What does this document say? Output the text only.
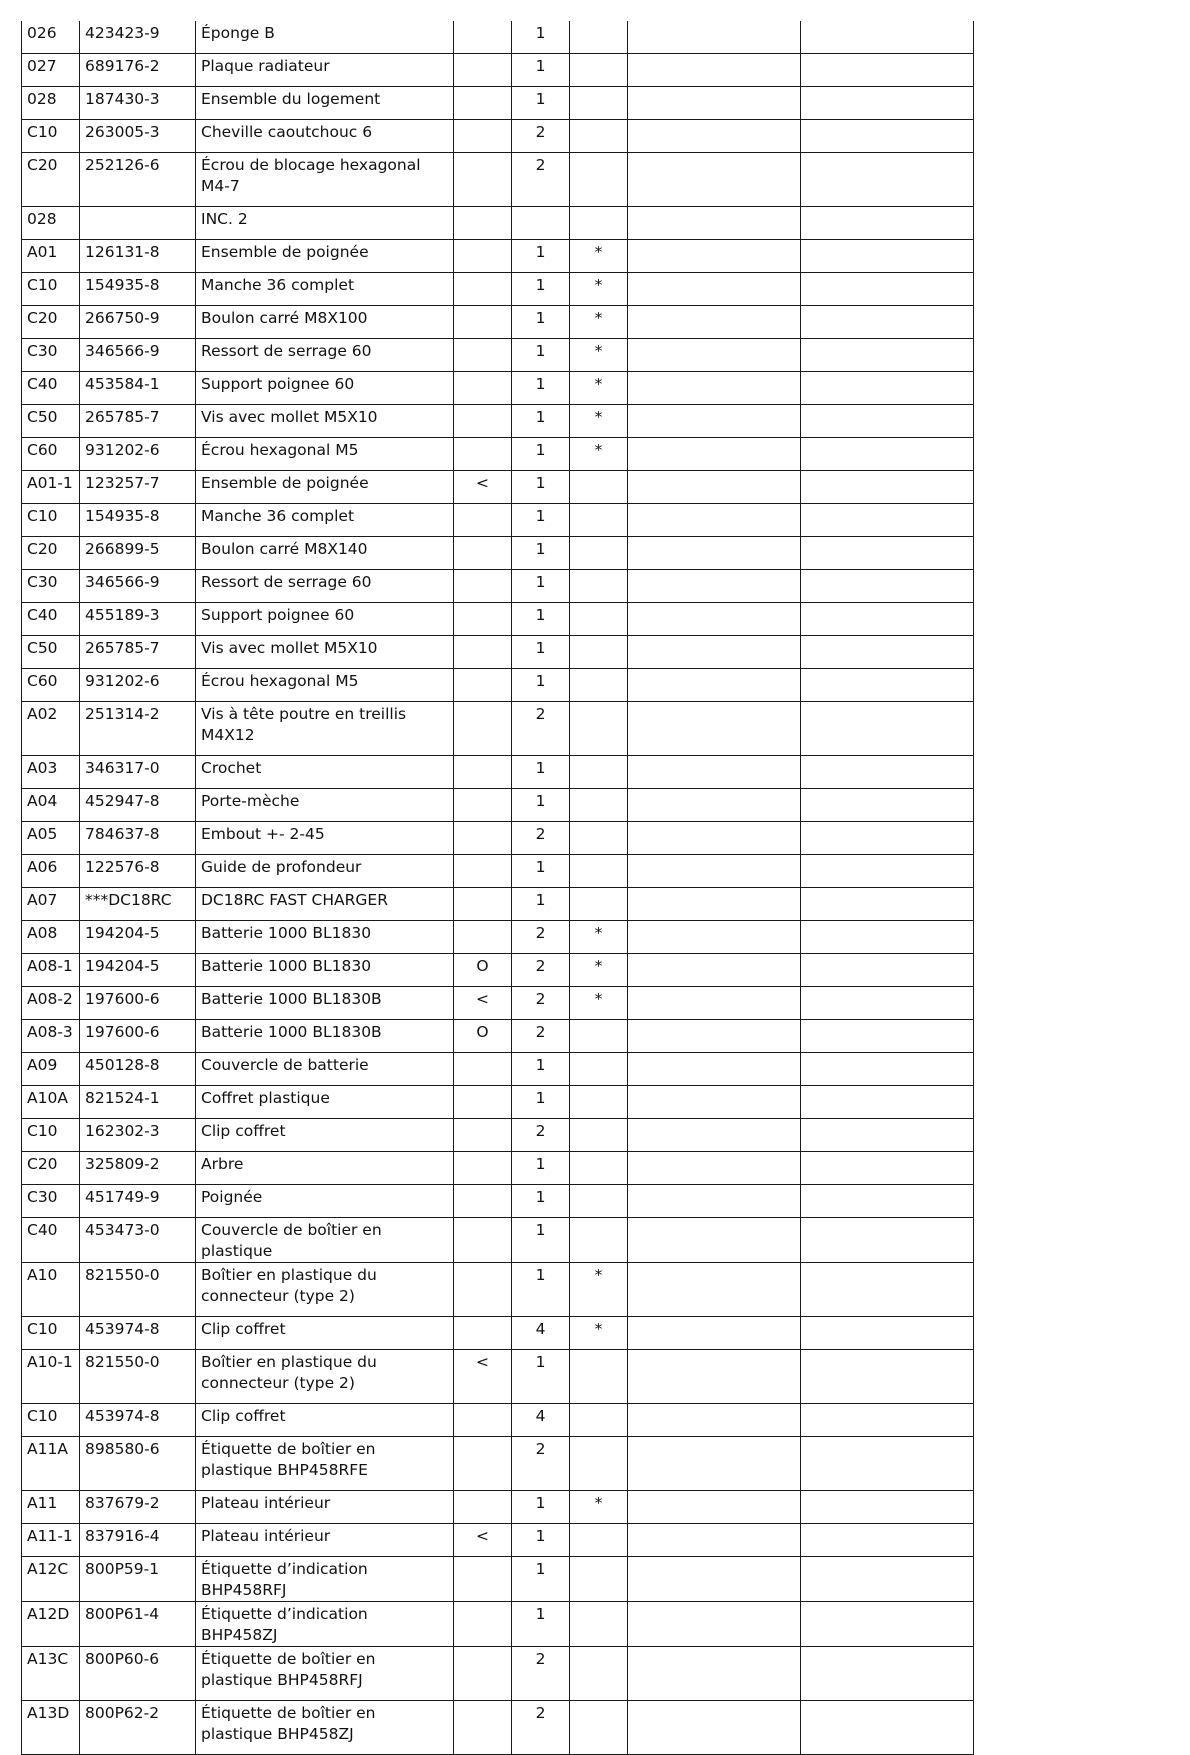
026	423423-9	Éponge B		1			
027	689176-2	Plaque radiateur		1			
028	187430-3	Ensemble du logement		1			
C10	263005-3	Cheville caoutchouc 6		2			
C20	252126-6	Écrou de blocage hexagonal M4-7		2			
028		INC. 2					
A01	126131-8	Ensemble de poignée		1	*		
C10	154935-8	Manche 36 complet		1	*		
C20	266750-9	Boulon carré M8X100		1	*		
C30	346566-9	Ressort de serrage 60		1	*		
C40	453584-1	Support poignee 60		1	*		
C50	265785-7	Vis avec mollet M5X10		1	*		
C60	931202-6	Écrou hexagonal M5		1	*		
A01-1	123257-7	Ensemble de poignée	<	1			
C10	154935-8	Manche 36 complet		1			
C20	266899-5	Boulon carré M8X140		1			
C30	346566-9	Ressort de serrage 60		1			
C40	455189-3	Support poignee 60		1			
C50	265785-7	Vis avec mollet M5X10		1			
C60	931202-6	Écrou hexagonal M5		1			
A02	251314-2	Vis à tête poutre en treillis M4X12		2			
A03	346317-0	Crochet		1			
A04	452947-8	Porte-mèche		1			
A05	784637-8	Embout +- 2-45		2			
A06	122576-8	Guide de profondeur		1			
A07	***DC18RC	DC18RC FAST CHARGER		1			
A08	194204-5	Batterie 1000 BL1830		2	*		
A08-1	194204-5	Batterie 1000 BL1830	O	2	*		
A08-2	197600-6	Batterie 1000 BL1830B	<	2	*		
A08-3	197600-6	Batterie 1000 BL1830B	O	2			
A09	450128-8	Couvercle de batterie		1			
A10A	821524-1	Coffret plastique		1			
C10	162302-3	Clip coffret		2			
C20	325809-2	Arbre		1			
C30	451749-9	Poignée		1			
C40	453473-0	Couvercle de boîtier en plastique		1			
A10	821550-0	Boîtier en plastique du connecteur (type 2)		1	*		
C10	453974-8	Clip coffret		4	*		
A10-1	821550-0	Boîtier en plastique du connecteur (type 2)	<	1			
C10	453974-8	Clip coffret		4			
A11A	898580-6	Étiquette de boîtier en plastique BHP458RFE		2			
A11	837679-2	Plateau intérieur		1	*		
A11-1	837916-4	Plateau intérieur	<	1			
A12C	800P59-1	Étiquette d’indication BHP458RFJ		1			
A12D	800P61-4	Étiquette d’indication BHP458ZJ		1			
A13C	800P60-6	Étiquette de boîtier en plastique BHP458RFJ		2			
A13D	800P62-2	Étiquette de boîtier en plastique BHP458ZJ		2			
